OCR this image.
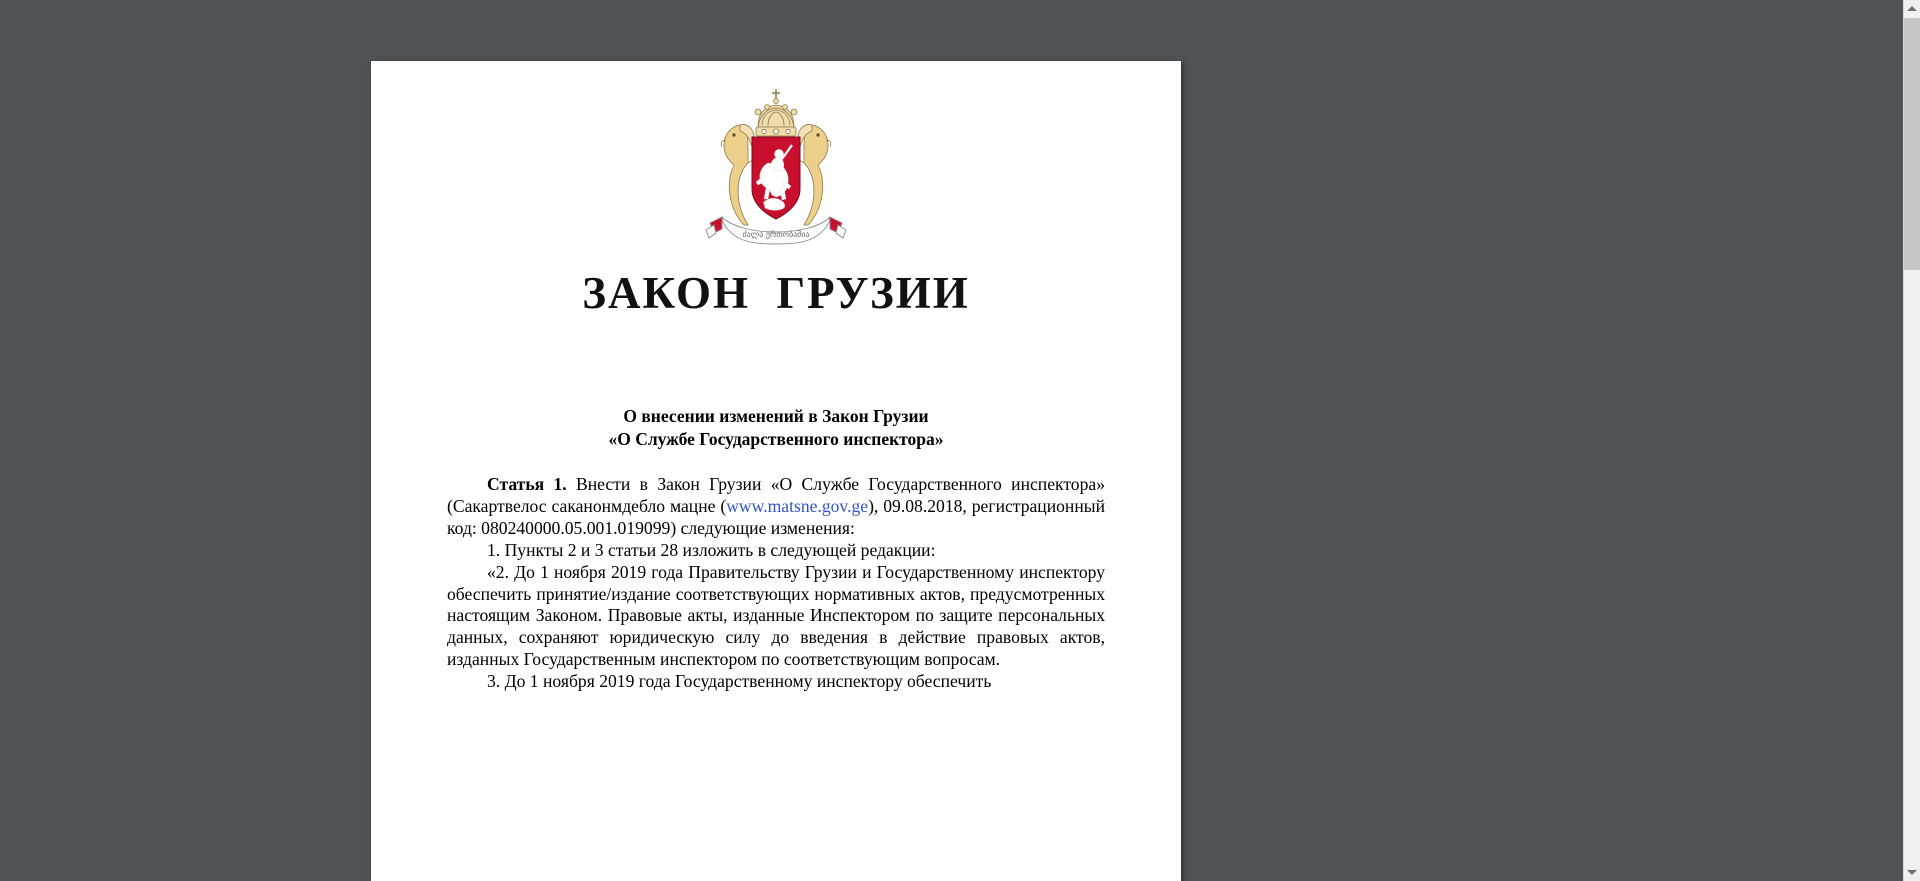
ძალა ერთობაშია
ЗАКОН  ГРУЗИИ
О внесении изменений в Закон Грузии
«О Службе Государственного инспектора»

Статья 1. Внести в Закон Грузии «О Службе Государственного инспектора» (Сакартвелос саканонмдебло мацне (www.matsne.gov.ge), 09.08.2018, регистрационный код: 080240000.05.001.019099) следующие изменения:

1. Пункты 2 и 3 статьи 28 изложить в следующей редакции:

«2. До 1 ноября 2019 года Правительству Грузии и Государственному инспектору обеспечить принятие/издание соответствующих нормативных актов, предусмотренных настоящим Законом. Правовые акты, изданные Инспектором по защите персональных данных, сохраняют юридическую силу до введения в действие правовых актов, изданных Государственным инспектором по соответствующим вопросам.

3. До 1 ноября 2019 года Государственному инспектору обеспечить
